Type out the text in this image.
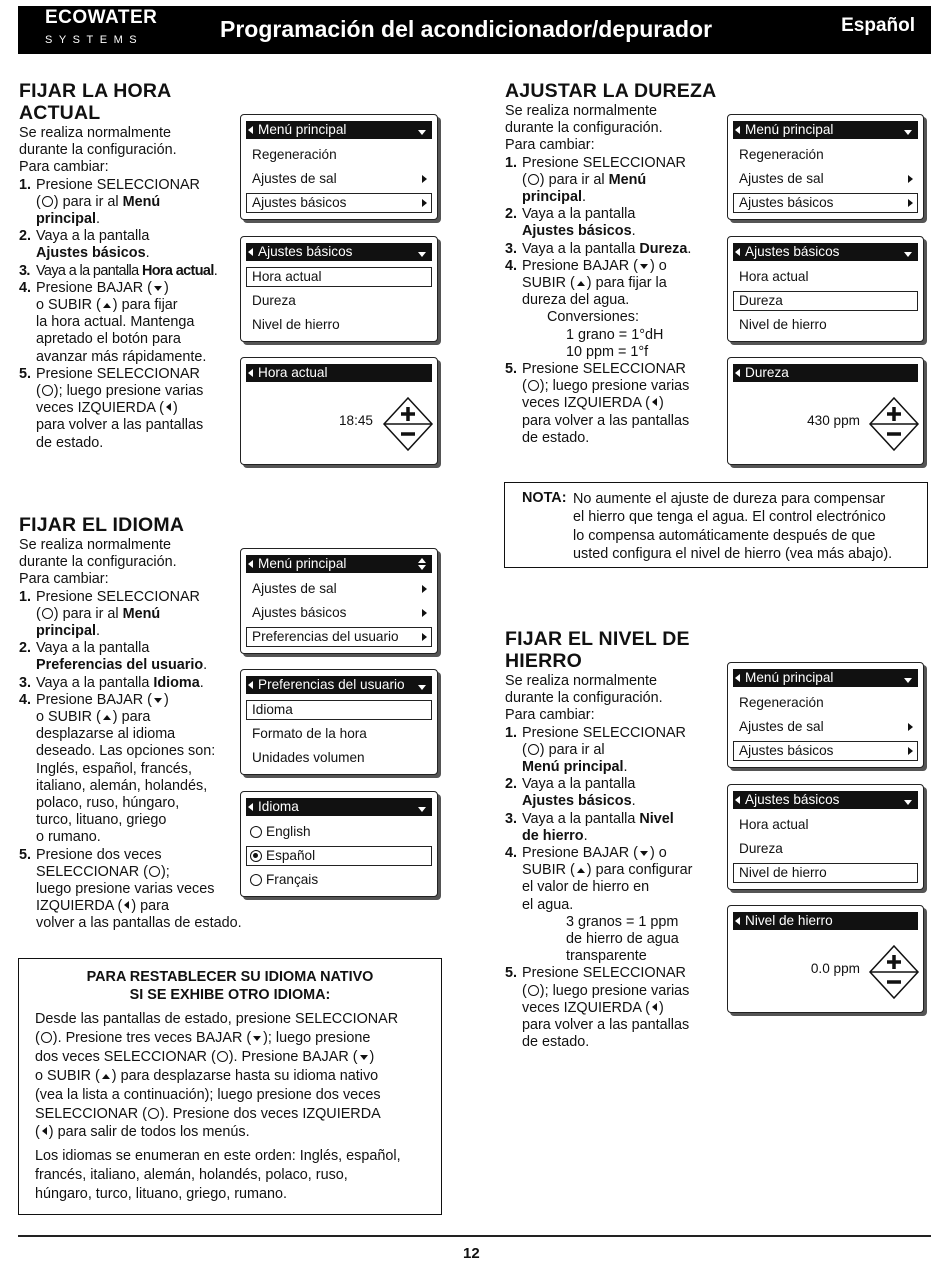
ECOWATER
SYSTEMS	Programación del acondicionador/depurador	Español
FIJAR LA HORA ACTUAL
Se realiza normalmente
durante la configuración.
Para cambiar:
1. Presione SELECCIONAR
( ) para ir al Menú
principal.
2. Vaya a la pantalla
Ajustes básicos.
3. Vaya a la pantalla Hora actual.
4. Presione BAJAR ( )
o SUBIR ( ) para fijar
la hora actual. Mantenga
apretado el botón para
avanzar más rápidamente.
5. Presione SELECCIONAR
( ); luego presione varias
veces IZQUIERDA ( )
para volver a las pantallas
de estado.
Menú principal
Regeneración
Ajustes de sal
Ajustes básicos
Ajustes básicos
Hora actual
Dureza
Nivel de hierro
Hora actual
18:45
AJUSTAR LA DUREZA
Se realiza normalmente
durante la configuración.
Para cambiar:
1. Presione SELECCIONAR
( ) para ir al Menú
principal.
2. Vaya a la pantalla
Ajustes básicos.
3. Vaya a la pantalla Dureza.
4. Presione BAJAR ( ) o
SUBIR ( ) para fijar la
dureza del agua.
Conversiones:
1 grano = 1°dH
10 ppm = 1°f
5. Presione SELECCIONAR
( ); luego presione varias
veces IZQUIERDA ( )
para volver a las pantallas
de estado.
Menú principal
Regeneración
Ajustes de sal
Ajustes básicos
Ajustes básicos
Hora actual
Dureza
Nivel de hierro
Dureza
430 ppm
NOTA: No aumente el ajuste de dureza para compensar
el hierro que tenga el agua. El control electrónico
lo compensa automáticamente después de que
usted configura el nivel de hierro (vea más abajo).
FIJAR EL IDIOMA
Se realiza normalmente
durante la configuración.
Para cambiar:
1. Presione SELECCIONAR
( ) para ir al Menú
principal.
2. Vaya a la pantalla
Preferencias del usuario.
3. Vaya a la pantalla Idioma.
4. Presione BAJAR ( )
o SUBIR ( ) para
desplazarse al idioma
deseado. Las opciones son:
Inglés, español, francés,
italiano, alemán, holandés,
polaco, ruso, húngaro,
turco, lituano, griego
o rumano.
5. Presione dos veces
SELECCIONAR ( );
luego presione varias veces
IZQUIERDA ( ) para
volver a las pantallas de estado.
Menú principal
Ajustes de sal
Ajustes básicos
Preferencias del usuario
Preferencias del usuario
Idioma
Formato de la hora
Unidades volumen
Idioma
English
Español
Français
FIJAR EL NIVEL DE HIERRO
Se realiza normalmente
durante la configuración.
Para cambiar:
1. Presione SELECCIONAR
( ) para ir al
Menú principal.
2. Vaya a la pantalla
Ajustes básicos.
3. Vaya a la pantalla Nivel
de hierro.
4. Presione BAJAR ( ) o
SUBIR ( ) para configurar
el valor de hierro en
el agua.
3 granos = 1 ppm
de hierro de agua
transparente
5. Presione SELECCIONAR
( ); luego presione varias
veces IZQUIERDA ( )
para volver a las pantallas
de estado.
Menú principal
Regeneración
Ajustes de sal
Ajustes básicos
Ajustes básicos
Hora actual
Dureza
Nivel de hierro
Nivel de hierro
0.0 ppm
PARA RESTABLECER SU IDIOMA NATIVO
SI SE EXHIBE OTRO IDIOMA:
Desde las pantallas de estado, presione SELECCIONAR
( ). Presione tres veces BAJAR ( ); luego presione
dos veces SELECCIONAR ( ). Presione BAJAR ( )
o SUBIR ( ) para desplazarse hasta su idioma nativo
(vea la lista a continuación); luego presione dos veces
SELECCIONAR ( ). Presione dos veces IZQUIERDA
( ) para salir de todos los menús.
Los idiomas se enumeran en este orden: Inglés, español,
francés, italiano, alemán, holandés, polaco, ruso,
húngaro, turco, lituano, griego, rumano.
12
